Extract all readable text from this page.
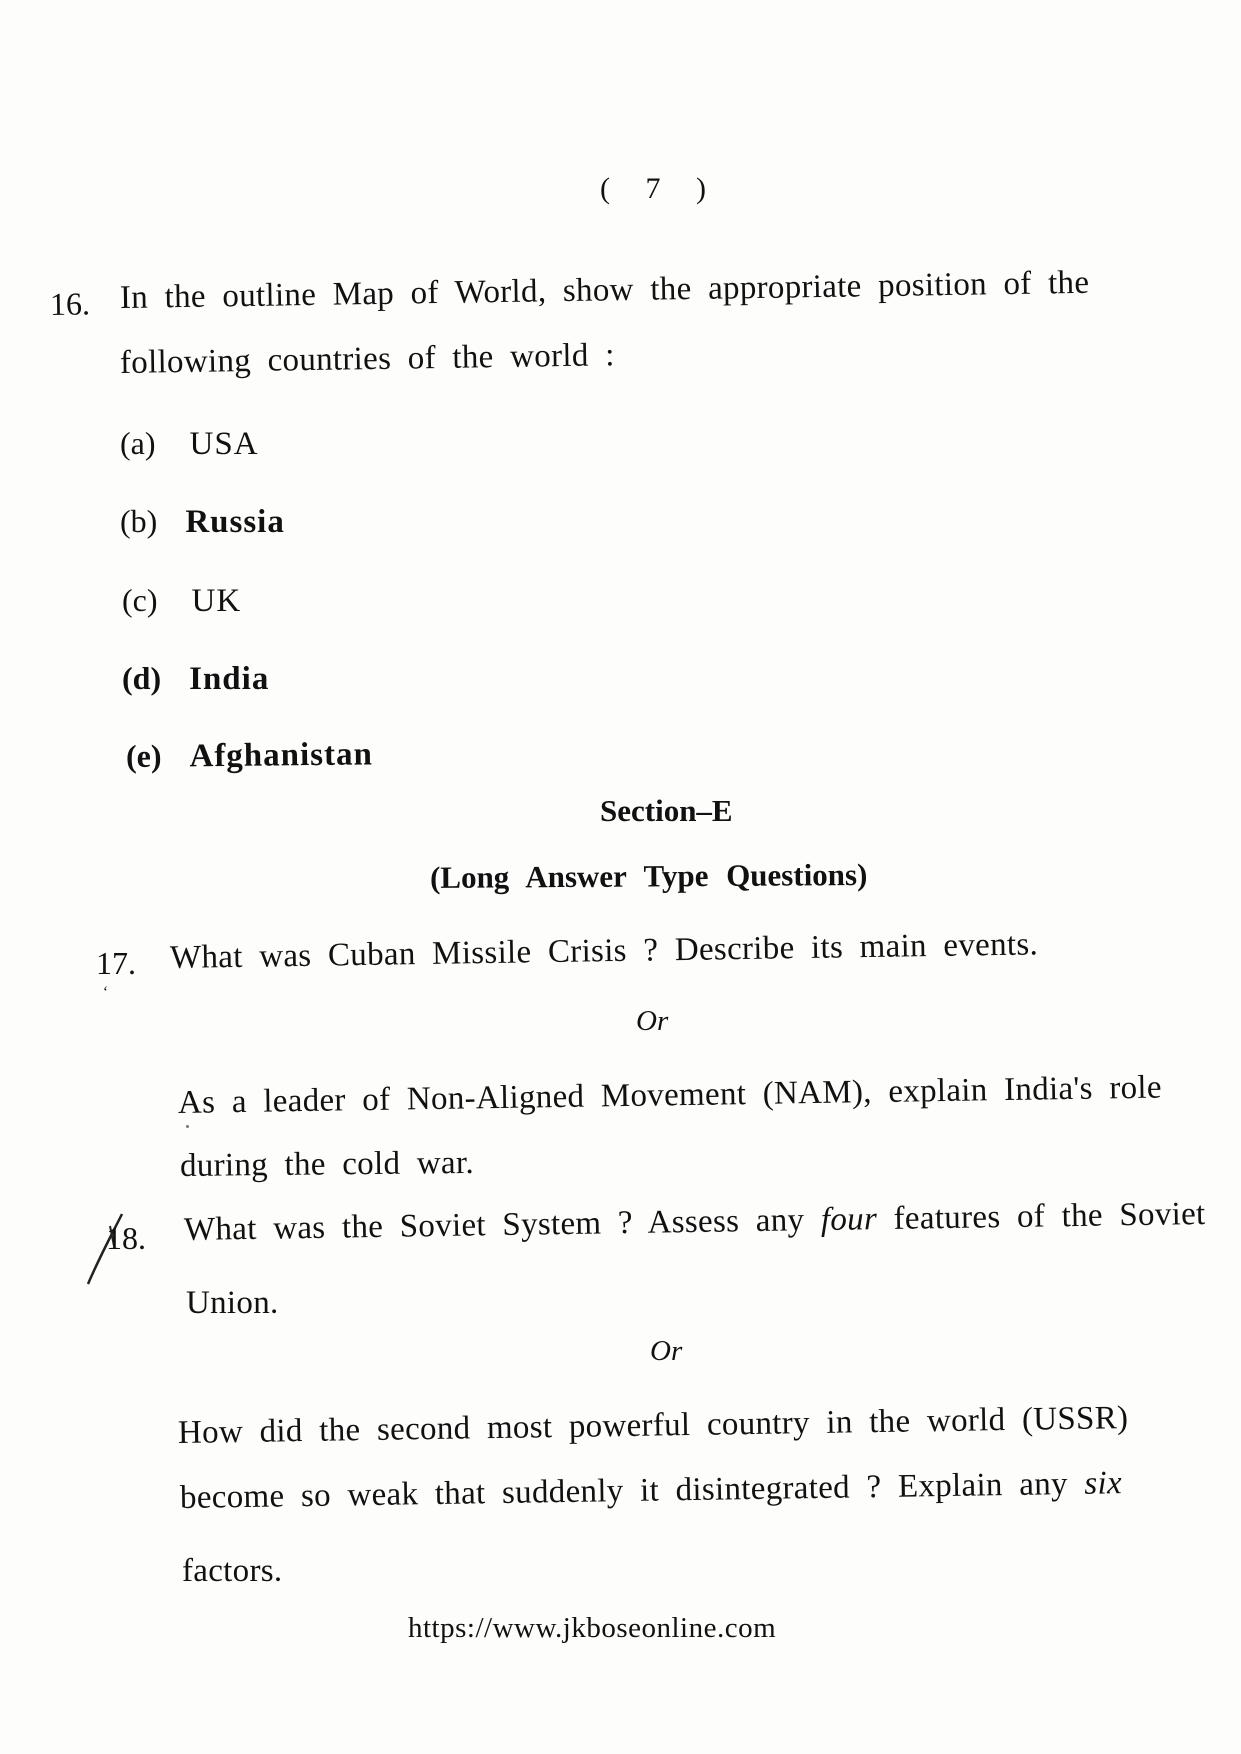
( 7 )
16. In the outline Map of World, show the appropriate position of the
following countries of the world :
(a) USA
(b) Russia
(c) UK
(d) India
(e) Afghanistan
Section–E
(Long Answer Type Questions)
17.
ʻ
What was Cuban Missile Crisis ? Describe its main events.
Or
As a leader of Non-Aligned Movement (NAM), explain India's role
during the cold war.
18. What was the Soviet System ? Assess any four features of the Soviet
Union.
Or
How did the second most powerful country in the world (USSR)
become so weak that suddenly it disintegrated ? Explain any six
factors.
https://www.jkboseonline.com
